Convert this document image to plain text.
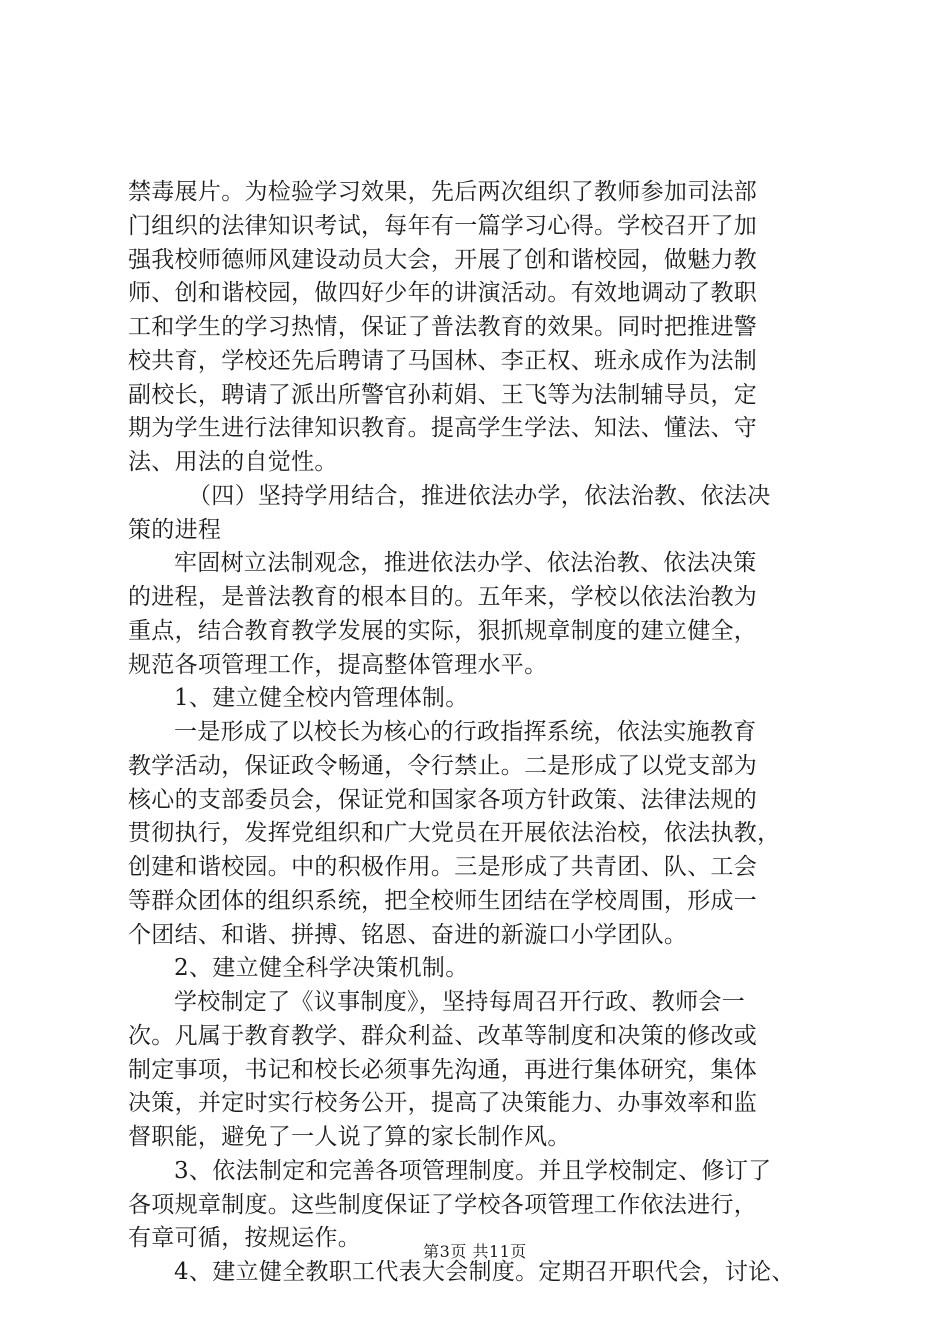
禁毒展片。为检验学习效果，先后两次组织了教师参加司法部
门组织的法律知识考试，每年有一篇学习心得。学校召开了加
强我校师德师风建设动员大会，开展了创和谐校园，做魅力教
师、创和谐校园，做四好少年的讲演活动。有效地调动了教职
工和学生的学习热情，保证了普法教育的效果。同时把推进警
校共育，学校还先后聘请了马国林、李正权、班永成作为法制
副校长，聘请了派出所警官孙莉娟、王飞等为法制辅导员，定
期为学生进行法律知识教育。提高学生学法、知法、懂法、守
法、用法的自觉性。
（四）坚持学用结合，推进依法办学，依法治教、依法决
策的进程
牢固树立法制观念，推进依法办学、依法治教、依法决策
的进程，是普法教育的根本目的。五年来，学校以依法治教为
重点，结合教育教学发展的实际，狠抓规章制度的建立健全，
规范各项管理工作，提高整体管理水平。
1、建立健全校内管理体制。
一是形成了以校长为核心的行政指挥系统，依法实施教育
教学活动，保证政令畅通，令行禁止。二是形成了以党支部为
核心的支部委员会，保证党和国家各项方针政策、法律法规的
贯彻执行，发挥党组织和广大党员在开展依法治校，依法执教，
创建和谐校园。中的积极作用。三是形成了共青团、队、工会
等群众团体的组织系统，把全校师生团结在学校周围，形成一
个团结、和谐、拼搏、铭恩、奋进的新漩口小学团队。
2、建立健全科学决策机制。
学校制定了《议事制度》，坚持每周召开行政、教师会一
次。凡属于教育教学、群众利益、改革等制度和决策的修改或
制定事项，书记和校长必须事先沟通，再进行集体研究，集体
决策，并定时实行校务公开，提高了决策能力、办事效率和监
督职能，避免了一人说了算的家长制作风。
3、依法制定和完善各项管理制度。并且学校制定、修订了
各项规章制度。这些制度保证了学校各项管理工作依法进行，
有章可循，按规运作。
4、建立健全教职工代表大会制度。定期召开职代会，讨论、
第3页 共11页
